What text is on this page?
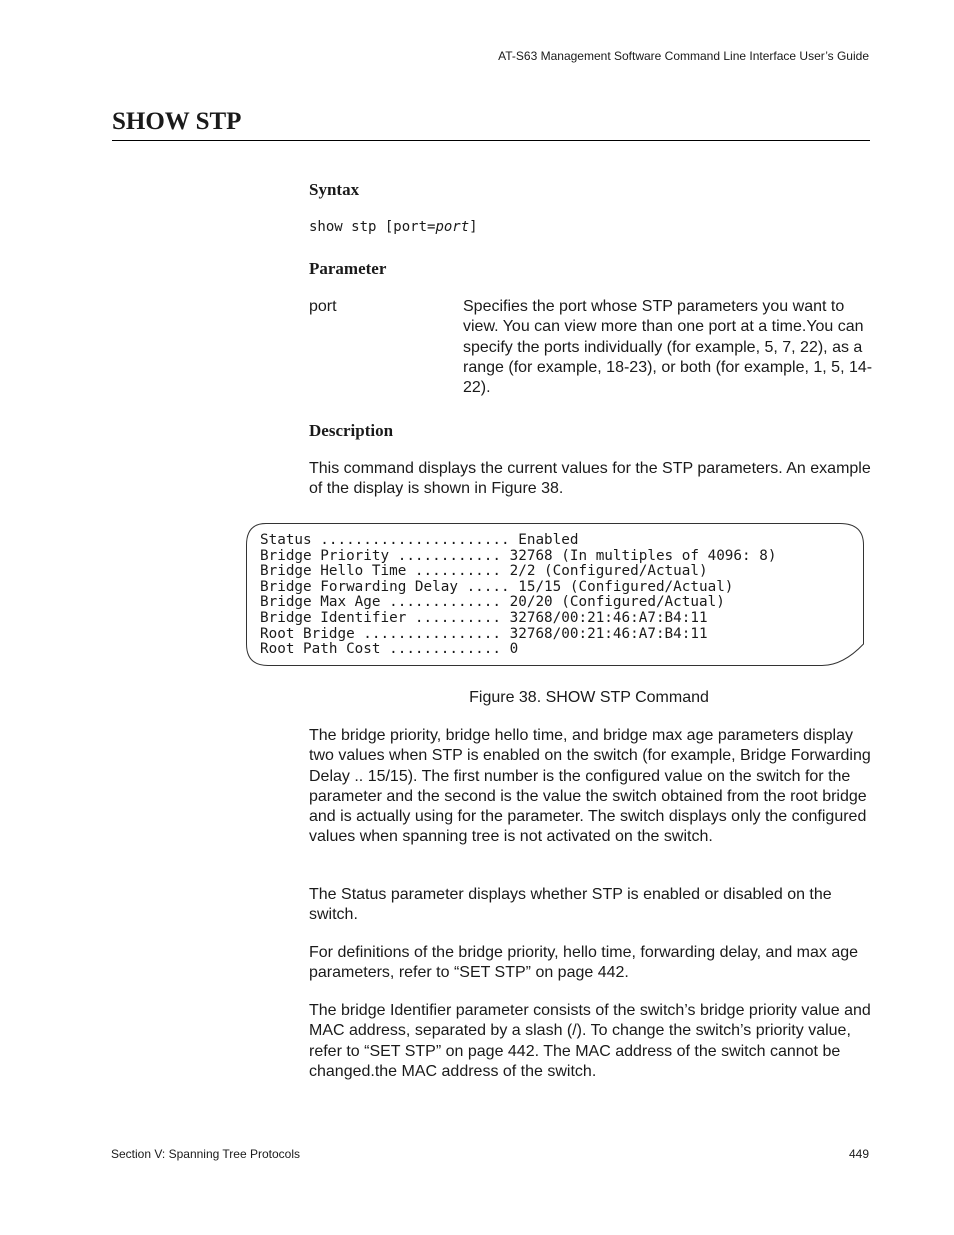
AT-S63 Management Software Command Line Interface User’s Guide
SHOW STP
Syntax
show stp [port=port]
Parameter
port	Specifies the port whose STP parameters you want to view. You can view more than one port at a time.You can specify the ports individually (for example, 5, 7, 22), as a range (for example, 18-23), or both (for example, 1, 5, 14-22).
Description

This command displays the current values for the STP parameters. An example of the display is shown in Figure 38.

Status ...................... Enabled
Bridge Priority ............ 32768 (In multiples of 4096: 8)
Bridge Hello Time .......... 2/2 (Configured/Actual)
Bridge Forwarding Delay ..... 15/15 (Configured/Actual)
Bridge Max Age ............. 20/20 (Configured/Actual)
Bridge Identifier .......... 32768/00:21:46:A7:B4:11
Root Bridge ................ 32768/00:21:46:A7:B4:11
Root Path Cost ............. 0
Figure 38. SHOW STP Command

The bridge priority, bridge hello time, and bridge max age parameters display two values when STP is enabled on the switch (for example, Bridge Forwarding Delay .. 15/15). The first number is the configured value on the switch for the parameter and the second is the value the switch obtained from the root bridge and is actually using for the parameter. The switch displays only the configured values when spanning tree is not activated on the switch.

The Status parameter displays whether STP is enabled or disabled on the switch.

For definitions of the bridge priority, hello time, forwarding delay, and max age parameters, refer to “SET STP” on page 442.

The bridge Identifier parameter consists of the switch’s bridge priority value and MAC address, separated by a slash (/). To change the switch’s priority value, refer to “SET STP” on page 442. The MAC address of the switch cannot be changed.the MAC address of the switch.

Section V: Spanning Tree Protocols	449
